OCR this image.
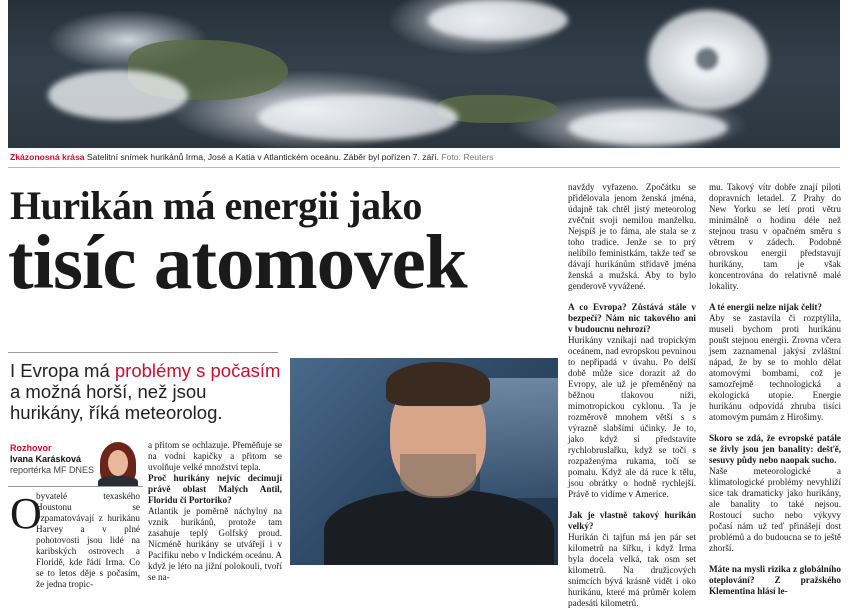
Zkázonosná krása Satelitní snímek hurikánů Irma, José a Katia v Atlantickém oceánu. Záběr byl pořízen 7. září. Foto: Reuters
Hurikán má energii jako
tisíc atomovek
I Evropa má problémy s počasím a možná horší, než jsou hurikány, říká meteorolog.
Rozhovor
Ivana Karásková
reportérka MF DNES
O

byvatelé texaského Houstonu se vzpamatovávají z hurikánu Harvey a v plné pohotovosti jsou lidé na karibských ostrovech a Floridě, kde řádí Irma. Co se to letos děje s počasím, že jedna tropic-

a přitom se ochlazuje. Přeměňuje se na vodní kapičky a přitom se uvolňuje velké množství tepla.

Proč hurikány nejvíc decimují právě oblast Malých Antil, Floridu či Portoriko?

Atlantik je poměrně náchylný na vznik hurikánů, protože tam zasahuje teplý Golfský proud. Nicméně hurikány se utvářejí i v Pacifiku nebo v Indickém oceánu. A když je léto na jižní polokouli, tvoří se na-

navždy vyřazeno. Zpočátku se přidělovala jenom ženská jména, údajně tak chtěl jistý meteorolog zvěčnit svoji nemilou manželku. Nejspíš je to fáma, ale stala se z toho tradice. Jenže se to prý nelíbilo feministkám, takže teď se dávají hurikánům střídavě jména ženská a mužská. Aby to bylo genderově vyvážené.

A co Evropa? Zůstává stále v bezpečí? Nám nic takového ani v budoucnu nehrozí?

Hurikány vznikají nad tropickým oceánem, nad evropskou pevninou to nepřipadá v úvahu. Po delší době může sice dorazit až do Evropy, ale už je přeměněný na běžnou tlakovou níži, mimotropickou cyklonu. Ta je rozměrově mnohem větší s s výrazně slabšími účinky. Je to, jako když si představíte rychlobruslařku, když se točí s rozpaženýma rukama, točí se pomalu. Když ale dá ruce k tělu, jsou obrátky o hodně rychlejší. Právě to vidíme v Americe.

Jak je vlastně takový hurikán velký?

Hurikán či tajfun má jen pár set kilometrů na šířku, i když Irma byla docela velká, tak osm set kilometrů. Na družicových snímcích bývá krásně vidět i oko hurikánu, které má průměr kolem padesáti kilometrů.

mu. Takový vítr dobře znají piloti dopravních letadel. Z Prahy do New Yorku se letí proti větru minimálně o hodinu déle než stejnou trasu v opačném směru s větrem v zádech. Podobně obrovskou energii představují hurikány, tam je však koncentrována do relativně malé lokality.

A té energii nelze nijak čelit?

Aby se zastavila či rozptýlila, museli bychom proti hurikánu poušt stejnou energii. Zrovna včera jsem zaznamenal jakýsi zvláštní nápad, že by se to mohlo dělat atomovými bombami, což je samozřejmě technologická a ekologická utopie. Energie hurikánu odpovídá zhruba tisíci atomovým pumám z Hirošimy.

Skoro se zdá, že evropské patále se živly jsou jen banality: dešťě, sesuvy půdy nebo naopak sucho.

Naše meteorologické a klimatologické problémy nevyhlíží sice tak dramaticky jako hurikány, ale banality to také nejsou. Rostoucí sucho nebo výkyvy počasí nám už teď přinášejí dost problémů a do budoucna se to ještě zhorší.

Máte na mysli rizika z globálního oteplování? Z pražského Klementina hlásí le-
